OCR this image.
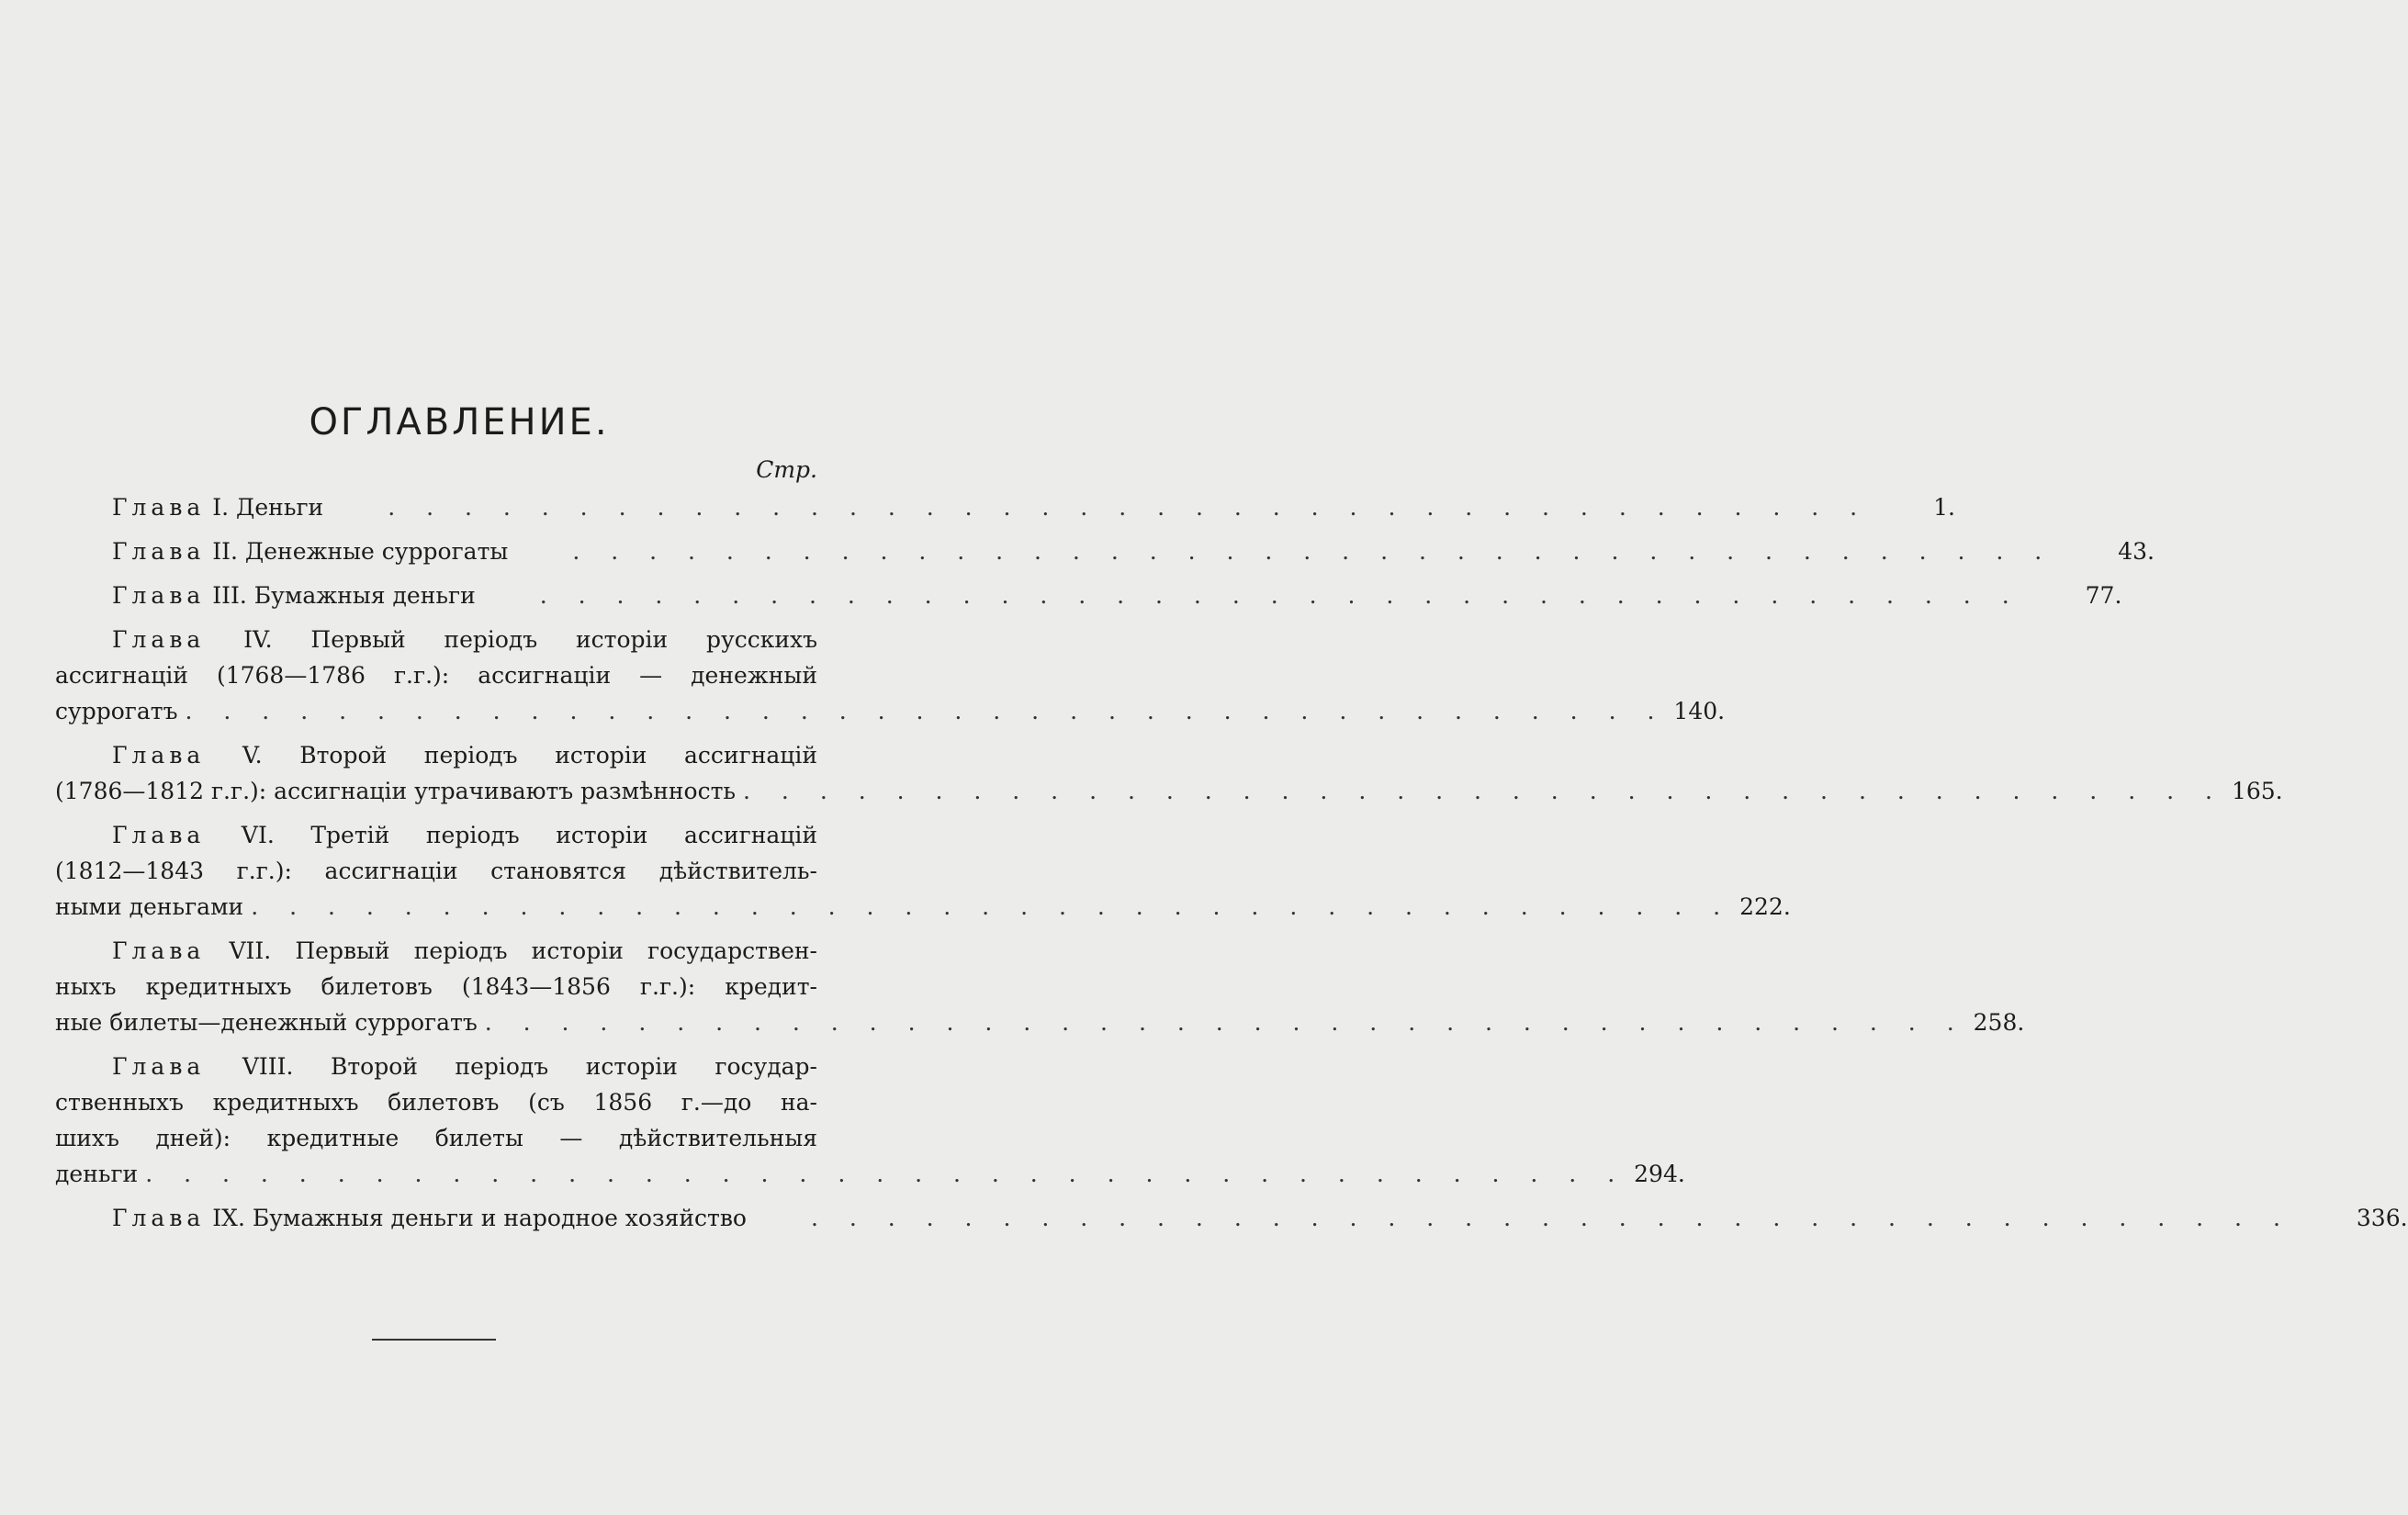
ОГЛАВЛЕНИЕ.
Стр.
Глава I. Деньги	. . . . . . . . . . . . . . . . . . . . . . . . . . . . . . . . . . . . . . .	1.
Глава II. Денежные суррогаты	. . . . . . . . . . . . . . . . . . . . . . . . . . . . . . . . . . . . . . .	43.
Глава III. Бумажныя деньги	. . . . . . . . . . . . . . . . . . . . . . . . . . . . . . . . . . . . . . .	77.
Глава IV. Первый періодъ исторіи русскихъ
ассигнацій (1768—1786 г.г.): ассигнаціи — денежный
суррогатъ . . . . . . . . . . . . . . . . . . . . . . . . . . . . . . . . . . . . . . . 140.
Глава V. Второй періодъ исторіи ассигнацій
(1786—1812 г.г.): ассигнаціи утрачиваютъ размѣнность . . . . . . . . . . . . . . . . . . . . . . . . . . . . . . . . . . . . . . . 165.
Глава VI. Третій періодъ исторіи ассигнацій
(1812—1843 г.г.): ассигнаціи становятся дѣйствитель-
ными деньгами . . . . . . . . . . . . . . . . . . . . . . . . . . . . . . . . . . . . . . . 222.
Глава VII. Первый періодъ исторіи государствен-
ныхъ кредитныхъ билетовъ (1843—1856 г.г.): кредит-
ные билеты—денежный суррогатъ . . . . . . . . . . . . . . . . . . . . . . . . . . . . . . . . . . . . . . . 258.
Глава VIII. Второй періодъ исторіи государ-
ственныхъ кредитныхъ билетовъ (съ 1856 г.—до на-
шихъ дней): кредитные билеты — дѣйствительныя
деньги . . . . . . . . . . . . . . . . . . . . . . . . . . . . . . . . . . . . . . . 294.
Глава IX. Бумажныя деньги и народное хозяйство	. . . . . . . . . . . . . . . . . . . . . . . . . . . . . . . . . . . . . . .	336.
